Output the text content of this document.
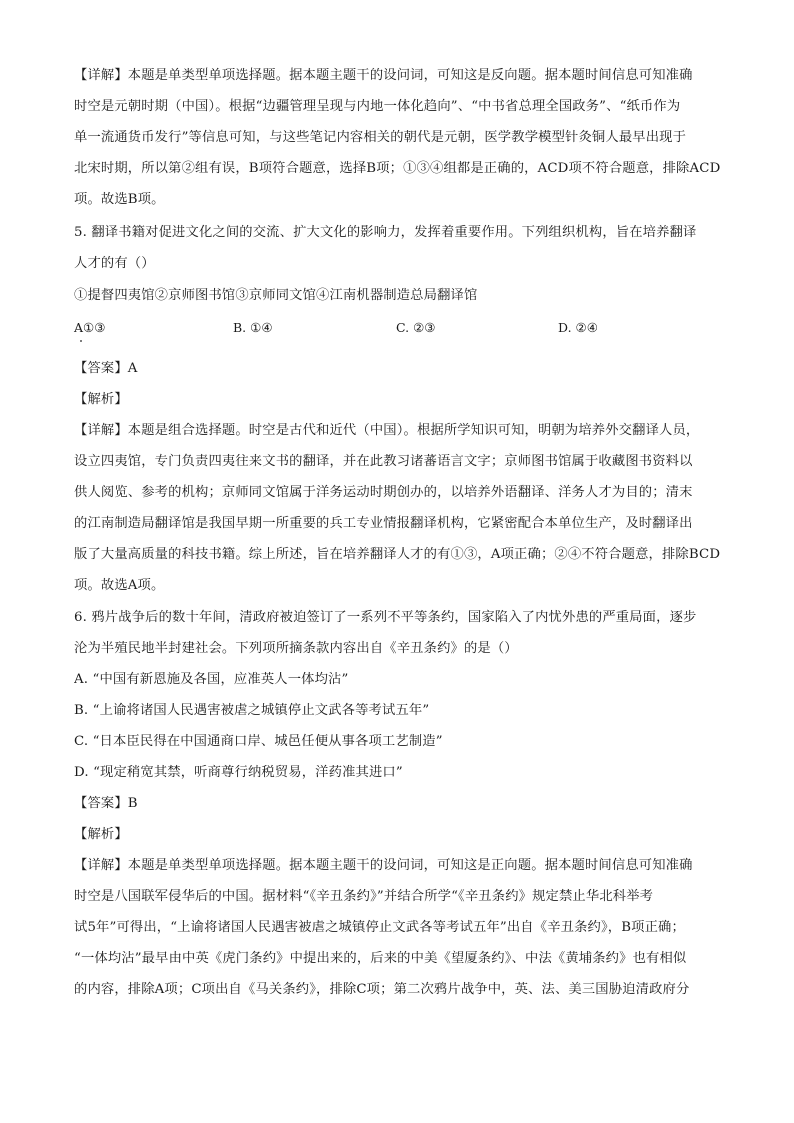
【详解】本题是单类型单项选择题。据本题主题干的设问词，可知这是反向题。据本题时间信息可知准确
时空是元朝时期（中国）。根据“边疆管理呈现与内地一体化趋向”、“中书省总理全国政务”、“纸币作为
单一流通货币发行”等信息可知，与这些笔记内容相关的朝代是元朝，医学教学模型针灸铜人最早出现于
北宋时期，所以第②组有误，B项符合题意，选择B项；①③④组都是正确的，ACD项不符合题意，排除ACD
项。故选B项。
5. 翻译书籍对促进文化之间的交流、扩大文化的影响力，发挥着重要作用。下列组织机构，旨在培养翻译
人才的有（）
①提督四夷馆②京师图书馆③京师同文馆④江南机器制造总局翻译馆
A①③	B. ①④	C. ②③	D. ②④
【答案】A
【解析】
【详解】本题是组合选择题。时空是古代和近代（中国）。根据所学知识可知，明朝为培养外交翻译人员，
设立四夷馆，专门负责四夷往来文书的翻译，并在此教习诸蕃语言文字；京师图书馆属于收藏图书资料以
供人阅览、参考的机构；京师同文馆属于洋务运动时期创办的，以培养外语翻译、洋务人才为目的；清末
的江南制造局翻译馆是我国早期一所重要的兵工专业情报翻译机构，它紧密配合本单位生产，及时翻译出
版了大量高质量的科技书籍。综上所述，旨在培养翻译人才的有①③，A项正确；②④不符合题意，排除BCD
项。故选A项。
6. 鸦片战争后的数十年间，清政府被迫签订了一系列不平等条约，国家陷入了内忧外患的严重局面，逐步
沦为半殖民地半封建社会。下列项所摘条款内容出自《辛丑条约》的是（）
A. “中国有新恩施及各国，应准英人一体均沾”
B. “上谕将诸国人民遇害被虐之城镇停止文武各等考试五年”
C. “日本臣民得在中国通商口岸、城邑任便从事各项工艺制造”
D. “现定稍宽其禁，听商尊行纳税贸易，洋药准其进口”
【答案】B
【解析】
【详解】本题是单类型单项选择题。据本题主题干的设问词，可知这是正向题。据本题时间信息可知准确
时空是八国联军侵华后的中国。据材料“《辛丑条约》”并结合所学“《辛丑条约》规定禁止华北科举考
试5年”可得出，“上谕将诸国人民遇害被虐之城镇停止文武各等考试五年”出自《辛丑条约》，B项正确；
“一体均沾”最早由中英《虎门条约》中提出来的，后来的中美《望厦条约》、中法《黄埔条约》也有相似
的内容，排除A项；C项出自《马关条约》，排除C项；第二次鸦片战争中，英、法、美三国胁迫清政府分
